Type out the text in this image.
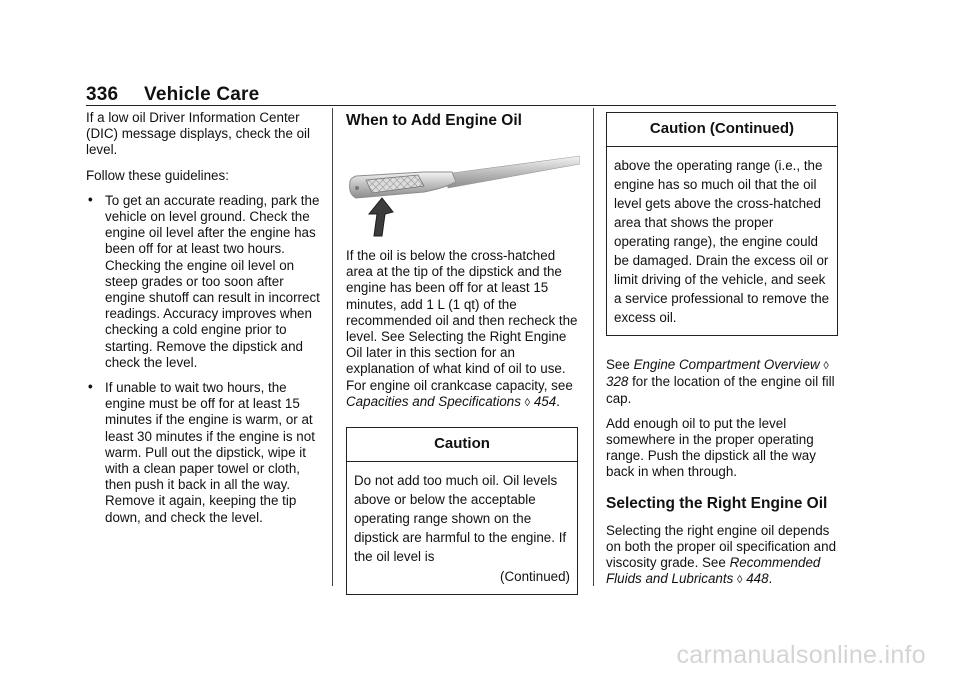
336 Vehicle Care

If a low oil Driver Information Center (DIC) message displays, check the oil level.

Follow these guidelines:

• To get an accurate reading, park the vehicle on level ground. Check the engine oil level after the engine has been off for at least two hours. Checking the engine oil level on steep grades or too soon after engine shutoff can result in incorrect readings. Accuracy improves when checking a cold engine prior to starting. Remove the dipstick and check the level.
• If unable to wait two hours, the engine must be off for at least 15 minutes if the engine is warm, or at least 30 minutes if the engine is not warm. Pull out the dipstick, wipe it with a clean paper towel or cloth, then push it back in all the way. Remove it again, keeping the tip down, and check the level.
When to Add Engine Oil

If the oil is below the cross-hatched area at the tip of the dipstick and the engine has been off for at least 15 minutes, add 1 L (1 qt) of the recommended oil and then recheck the level. See Selecting the Right Engine Oil later in this section for an explanation of what kind of oil to use. For engine oil crankcase capacity, see Capacities and Specifications ◊ 454.

Caution
Do not add too much oil. Oil levels above or below the acceptable operating range shown on the dipstick are harmful to the engine. If the oil level is
(Continued)
Caution (Continued)
above the operating range (i.e., the engine has so much oil that the oil level gets above the cross-hatched area that shows the proper operating range), the engine could be damaged. Drain the excess oil or limit driving of the vehicle, and seek a service professional to remove the excess oil.

See Engine Compartment Overview ◊ 328 for the location of the engine oil fill cap.

Add enough oil to put the level somewhere in the proper operating range. Push the dipstick all the way back in when through.

Selecting the Right Engine Oil

Selecting the right engine oil depends on both the proper oil specification and viscosity grade. See Recommended Fluids and Lubricants ◊ 448.

carmanualsonline.info
